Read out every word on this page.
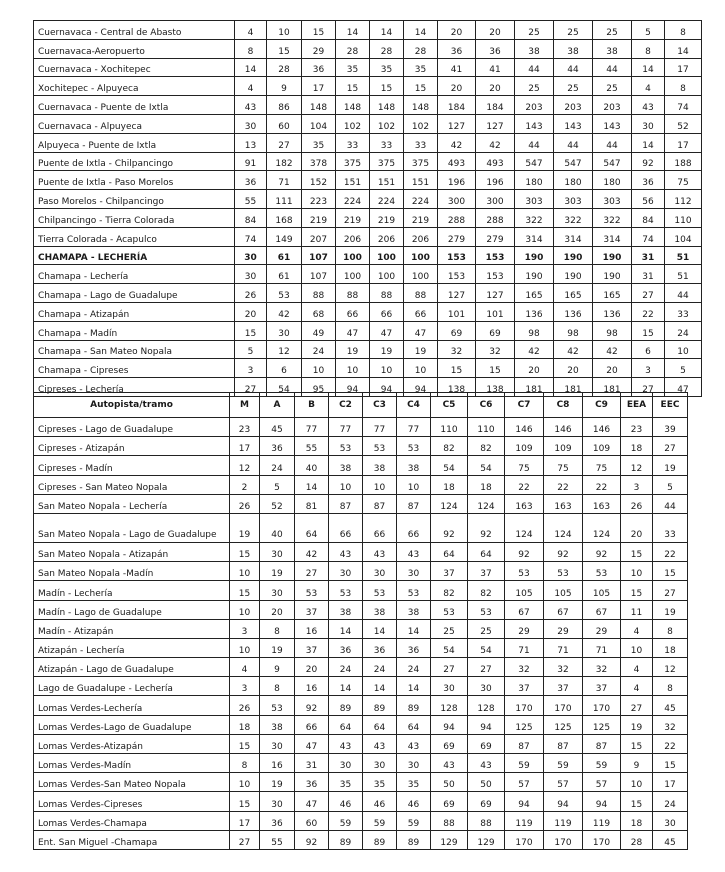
Cuernavaca - Central de Abasto	4	10	15	14	14	14	20	20	25	25	25	5	8
Cuernavaca-Aeropuerto	8	15	29	28	28	28	36	36	38	38	38	8	14
Cuernavaca - Xochitepec	14	28	36	35	35	35	41	41	44	44	44	14	17
Xochitepec - Alpuyeca	4	9	17	15	15	15	20	20	25	25	25	4	8
Cuernavaca - Puente de Ixtla	43	86	148	148	148	148	184	184	203	203	203	43	74
Cuernavaca - Alpuyeca	30	60	104	102	102	102	127	127	143	143	143	30	52
Alpuyeca - Puente de Ixtla	13	27	35	33	33	33	42	42	44	44	44	14	17
Puente de Ixtla - Chilpancingo	91	182	378	375	375	375	493	493	547	547	547	92	188
Puente de Ixtla - Paso Morelos	36	71	152	151	151	151	196	196	180	180	180	36	75
Paso Morelos - Chilpancingo	55	111	223	224	224	224	300	300	303	303	303	56	112
Chilpancingo - Tierra Colorada	84	168	219	219	219	219	288	288	322	322	322	84	110
Tierra Colorada - Acapulco	74	149	207	206	206	206	279	279	314	314	314	74	104
CHAMAPA - LECHERÍA	30	61	107	100	100	100	153	153	190	190	190	31	51
Chamapa - Lechería	30	61	107	100	100	100	153	153	190	190	190	31	51
Chamapa - Lago de Guadalupe	26	53	88	88	88	88	127	127	165	165	165	27	44
Chamapa - Atizapán	20	42	68	66	66	66	101	101	136	136	136	22	33
Chamapa - Madín	15	30	49	47	47	47	69	69	98	98	98	15	24
Chamapa - San Mateo Nopala	5	12	24	19	19	19	32	32	42	42	42	6	10
Chamapa - Cipreses	3	6	10	10	10	10	15	15	20	20	20	3	5
Cipreses - Lechería	27	54	95	94	94	94	138	138	181	181	181	27	47
Autopista/tramo	M	A	B	C2	C3	C4	C5	C6	C7	C8	C9	EEA	EEC
Cipreses - Lago de Guadalupe	23	45	77	77	77	77	110	110	146	146	146	23	39
Cipreses - Atizapán	17	36	55	53	53	53	82	82	109	109	109	18	27
Cipreses - Madín	12	24	40	38	38	38	54	54	75	75	75	12	19
Cipreses - San Mateo Nopala	2	5	14	10	10	10	18	18	22	22	22	3	5
San Mateo Nopala - Lechería	26	52	81	87	87	87	124	124	163	163	163	26	44
San Mateo Nopala - Lago de Guadalupe	19	40	64	66	66	66	92	92	124	124	124	20	33
San Mateo Nopala - Atizapán	15	30	42	43	43	43	64	64	92	92	92	15	22
San Mateo Nopala -Madín	10	19	27	30	30	30	37	37	53	53	53	10	15
Madín - Lechería	15	30	53	53	53	53	82	82	105	105	105	15	27
Madín - Lago de Guadalupe	10	20	37	38	38	38	53	53	67	67	67	11	19
Madín - Atizapán	3	8	16	14	14	14	25	25	29	29	29	4	8
Atizapán - Lechería	10	19	37	36	36	36	54	54	71	71	71	10	18
Atizapán - Lago de Guadalupe	4	9	20	24	24	24	27	27	32	32	32	4	12
Lago de Guadalupe - Lechería	3	8	16	14	14	14	30	30	37	37	37	4	8
Lomas Verdes-Lechería	26	53	92	89	89	89	128	128	170	170	170	27	45
Lomas Verdes-Lago de Guadalupe	18	38	66	64	64	64	94	94	125	125	125	19	32
Lomas Verdes-Atizapán	15	30	47	43	43	43	69	69	87	87	87	15	22
Lomas Verdes-Madín	8	16	31	30	30	30	43	43	59	59	59	9	15
Lomas Verdes-San Mateo Nopala	10	19	36	35	35	35	50	50	57	57	57	10	17
Lomas Verdes-Cipreses	15	30	47	46	46	46	69	69	94	94	94	15	24
Lomas Verdes-Chamapa	17	36	60	59	59	59	88	88	119	119	119	18	30
Ent. San Miguel -Chamapa	27	55	92	89	89	89	129	129	170	170	170	28	45
